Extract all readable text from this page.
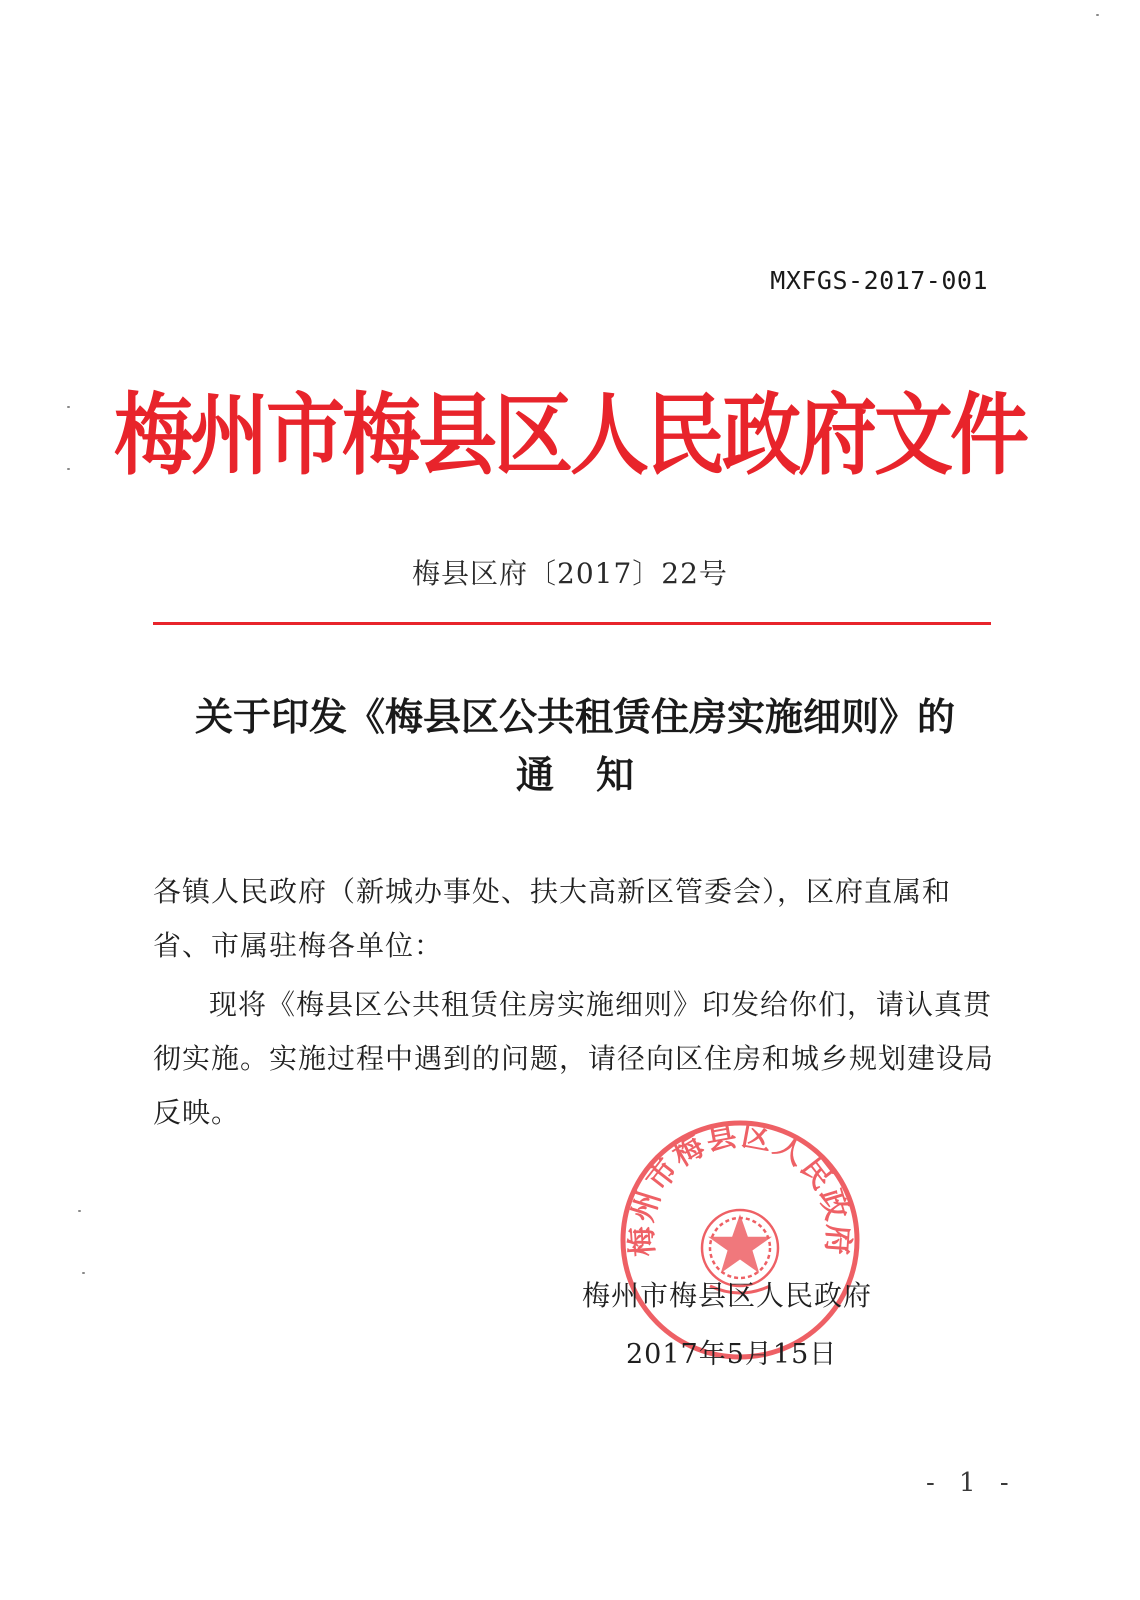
MXFGS-2017-001
梅州市梅县区人民政府文件
梅县区府〔2017〕22号
关于印发《梅县区公共租赁住房实施细则》的
通知
各镇人民政府（新城办事处、扶大高新区管委会），区府直属和省、市属驻梅各单位：
现将《梅县区公共租赁住房实施细则》印发给你们，请认真贯彻实施。实施过程中遇到的问题，请径向区住房和城乡规划建设局反映。
梅州市梅县区人民政府
梅州市梅县区人民政府
2017年5月15日
- 1 -
